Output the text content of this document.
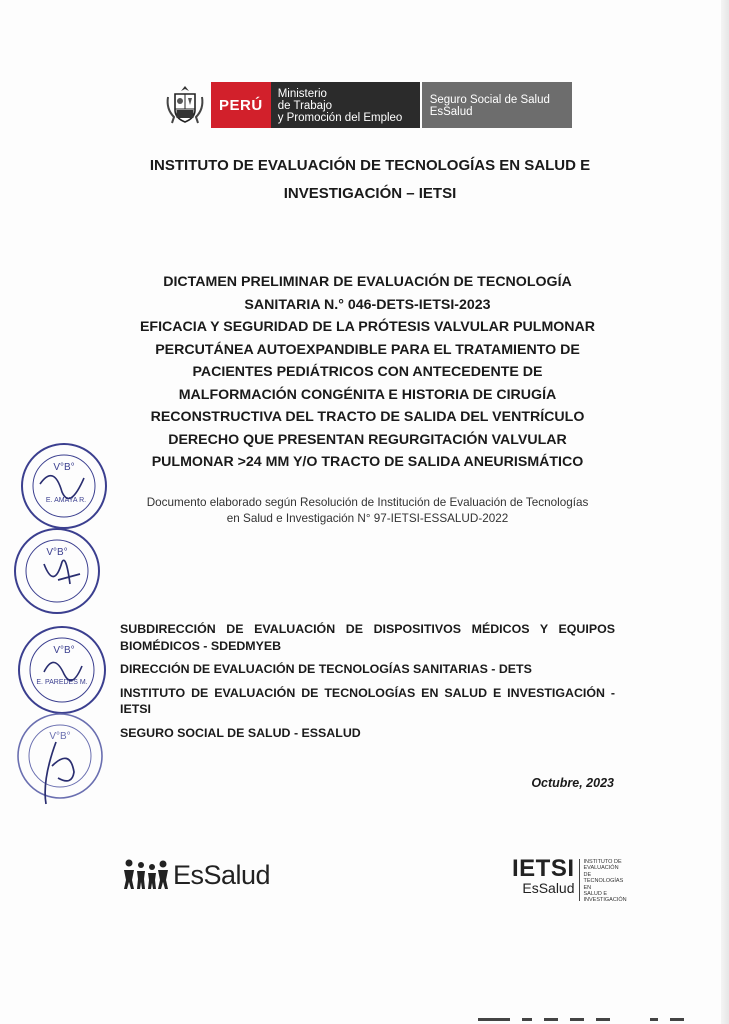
PERÚ
Ministerio
de Trabajo
y Promoción del Empleo
Seguro Social de Salud
EsSalud
INSTITUTO DE EVALUACIÓN DE TECNOLOGÍAS EN SALUD E
INVESTIGACIÓN – IETSI
DICTAMEN PRELIMINAR DE EVALUACIÓN DE TECNOLOGÍA
SANITARIA N.° 046-DETS-IETSI-2023
EFICACIA Y SEGURIDAD DE LA PRÓTESIS VALVULAR PULMONAR
PERCUTÁNEA AUTOEXPANDIBLE PARA EL TRATAMIENTO DE
PACIENTES PEDIÁTRICOS CON ANTECEDENTE DE
MALFORMACIÓN CONGÉNITA E HISTORIA DE CIRUGÍA
RECONSTRUCTIVA DEL TRACTO DE SALIDA DEL VENTRÍCULO
DERECHO QUE PRESENTAN REGURGITACIÓN VALVULAR
PULMONAR >24 MM Y/O TRACTO DE SALIDA ANEURISMÁTICO
Documento elaborado según Resolución de Institución de Evaluación de Tecnologías
en Salud e Investigación N° 97-IETSI-ESSALUD-2022
SUBDIRECCIÓN DE EVALUACIÓN DE DISPOSITIVOS MÉDICOS Y EQUIPOS BIOMÉDICOS - SDEDMYEB
DIRECCIÓN DE EVALUACIÓN DE TECNOLOGÍAS SANITARIAS - DETS
INSTITUTO DE EVALUACIÓN DE TECNOLOGÍAS EN SALUD E INVESTIGACIÓN - IETSI
SEGURO SOCIAL DE SALUD - ESSALUD
Octubre, 2023
V°B°
E. AMAYA R.
V°B°
V°B°
E. PAREDES M.
V°B°
EsSalud	IETSI
EsSalud
INSTITUTO DE
EVALUACIÓN DE
TECNOLOGÍAS EN
SALUD E
INVESTIGACIÓN
